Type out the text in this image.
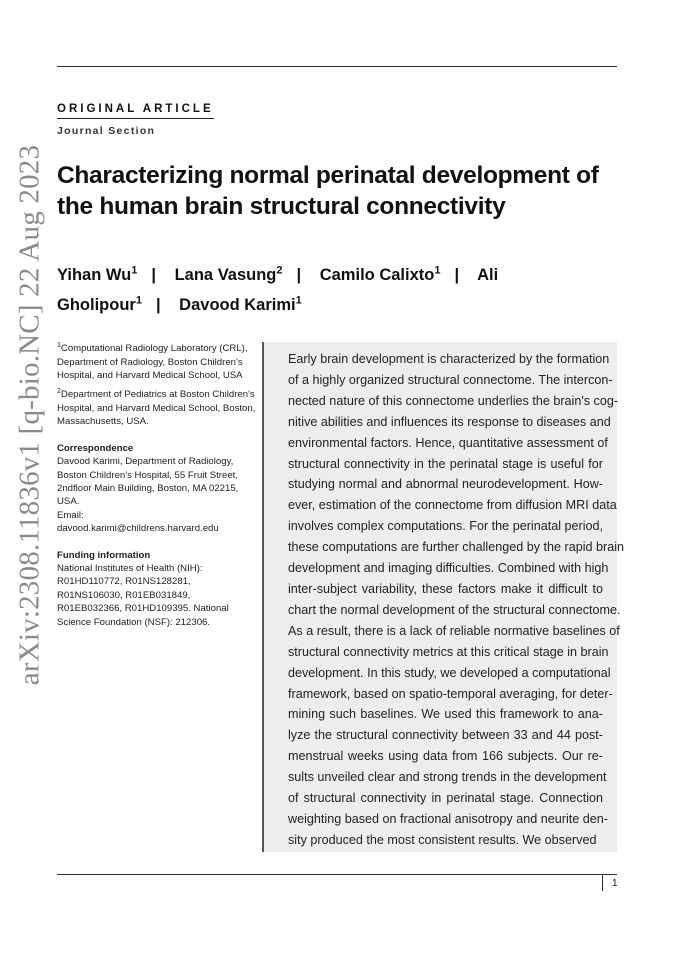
arXiv:2308.11836v1 [q-bio.NC] 22 Aug 2023
ORIGINAL ARTICLE
Journal Section
Characterizing normal perinatal development of the human brain structural connectivity
Yihan Wu$^1$ | Lana Vasung$^2$ | Camilo Calixto$^1$ | Ali Gholipour$^1$ | Davood Karimi$^1$
$^1$Computational Radiology Laboratory (CRL), Department of Radiology, Boston Children's Hospital, and Harvard Medical School, USA
$^2$Department of Pediatrics at Boston Children's Hospital, and Harvard Medical School, Boston, Massachusetts, USA.
Correspondence
Davood Karimi, Department of Radiology, Boston Children's Hospital, 55 Fruit Street, 2ndfloor Main Building, Boston, MA 02215, USA.
Email:
davood.karimi@childrens.harvard.edu
Funding information
National Institutes of Health (NIH): R01HD110772, R01NS128281, R01NS106030, R01EB031849, R01EB032366, R01HD109395. National Science Foundation (NSF): 212306.
Early brain development is characterized by the formation
of a highly organized structural connectome. The intercon-
nected nature of this connectome underlies the brain's cog-
nitive abilities and influences its response to diseases and
environmental factors. Hence, quantitative assessment of
structural connectivity in the perinatal stage is useful for
studying normal and abnormal neurodevelopment. How-
ever, estimation of the connectome from diffusion MRI data
involves complex computations. For the perinatal period,
these computations are further challenged by the rapid brain
development and imaging difficulties. Combined with high
inter-subject variability, these factors make it difficult to
chart the normal development of the structural connectome.
As a result, there is a lack of reliable normative baselines of
structural connectivity metrics at this critical stage in brain
development. In this study, we developed a computational
framework, based on spatio-temporal averaging, for deter-
mining such baselines. We used this framework to ana-
lyze the structural connectivity between 33 and 44 post-
menstrual weeks using data from 166 subjects. Our re-
sults unveiled clear and strong trends in the development
of structural connectivity in perinatal stage. Connection
weighting based on fractional anisotropy and neurite den-
sity produced the most consistent results. We observed
1
